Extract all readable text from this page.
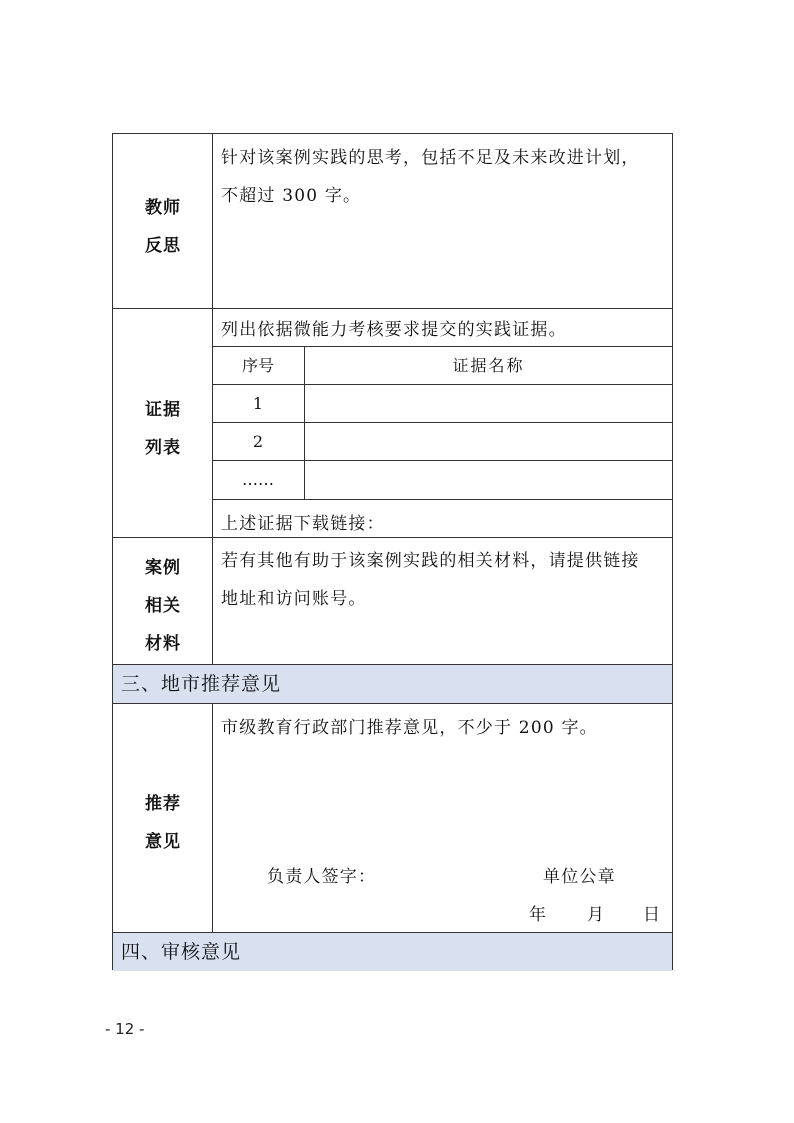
教师
反思
针对该案例实践的思考，包括不足及未来改进计划，
不超过 300 字。
证据
列表
列出依据微能力考核要求提交的实践证据。
序号	证据名称
1
2
……
上述证据下载链接：
案例
相关
材料
若有其他有助于该案例实践的相关材料，请提供链接
地址和访问账号。
三、地市推荐意见
推荐
意见
市级教育行政部门推荐意见，不少于 200 字。
负责人签字：	单位公章
年 月 日
四、审核意见
- 12 -
